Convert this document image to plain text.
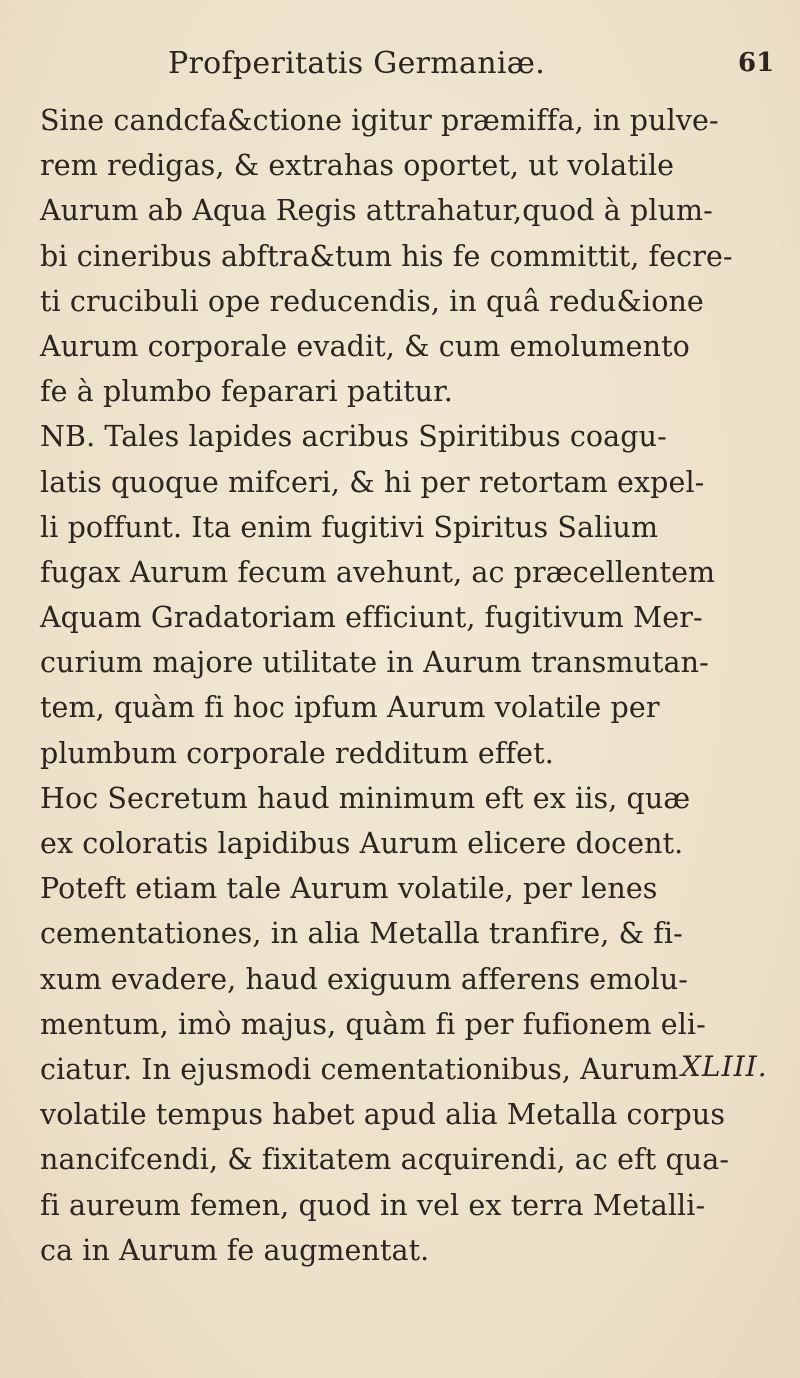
Profperitatis Germaniæ.	61
Sine candcfa&ctione igitur præmiffa, in pulve-
rem redigas, & extrahas oportet, ut volatile
Aurum ab Aqua Regis attrahatur,quod à plum-
bi cineribus abftra&tum his fe committit, fecre-
ti crucibuli ope reducendis, in quâ redu&ione
Aurum corporale evadit, & cum emolumento
fe à plumbo feparari patitur.
NB. Tales lapides acribus Spiritibus coagu-
latis quoque mifceri, & hi per retortam expel-
li poffunt. Ita enim fugitivi Spiritus Salium
fugax Aurum fecum avehunt, ac præcellentem
Aquam Gradatoriam efficiunt, fugitivum Mer-
curium majore utilitate in Aurum transmutan-
tem, quàm fi hoc ipfum Aurum volatile per
plumbum corporale redditum effet.
Hoc Secretum haud minimum eft ex iis, quæ
ex coloratis lapidibus Aurum elicere docent.
Poteft etiam tale Aurum volatile, per lenes
cementationes, in alia Metalla tranfire, & fi-
xum evadere, haud exiguum afferens emolu-
mentum, imò majus, quàm fi per fufionem eli-
ciatur. In ejusmodi cementationibus, Aurum
volatile tempus habet apud alia Metalla corpus
nancifcendi, & fixitatem acquirendi, ac eft qua-
fi aureum femen, quod in vel ex terra Metalli-
ca in Aurum fe augmentat.
XLIII.
